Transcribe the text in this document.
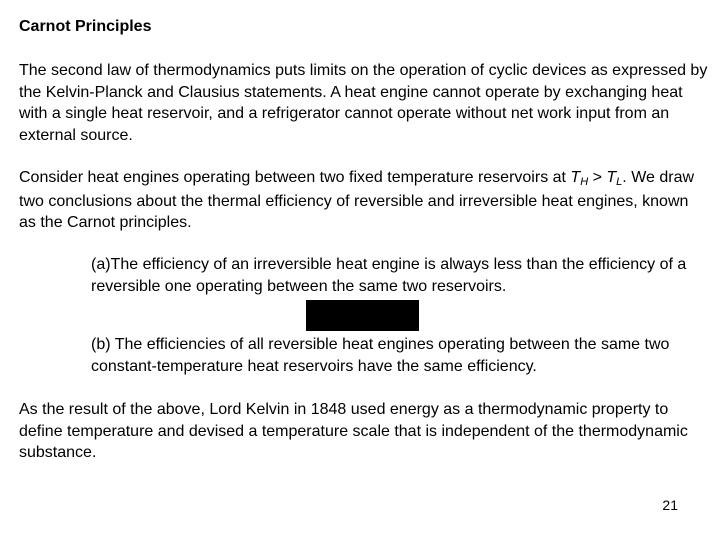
Carnot Principles

The second law of thermodynamics puts limits on the operation of cyclic devices as expressed by the Kelvin-Planck and Clausius statements. A heat engine cannot operate by exchanging heat with a single heat reservoir, and a refrigerator cannot operate without net work input from an external source.

Consider heat engines operating between two fixed temperature reservoirs at TH > TL. We draw two conclusions about the thermal efficiency of reversible and irreversible heat engines, known as the Carnot principles.

(a)The efficiency of an irreversible heat engine is always less than the efficiency of a reversible one operating between the same two reservoirs.

(b) The efficiencies of all reversible heat engines operating between the same two constant-temperature heat reservoirs have the same efficiency.

As the result of the above, Lord Kelvin in 1848 used energy as a thermodynamic property to define temperature and devised a temperature scale that is independent of the thermodynamic substance.

21
